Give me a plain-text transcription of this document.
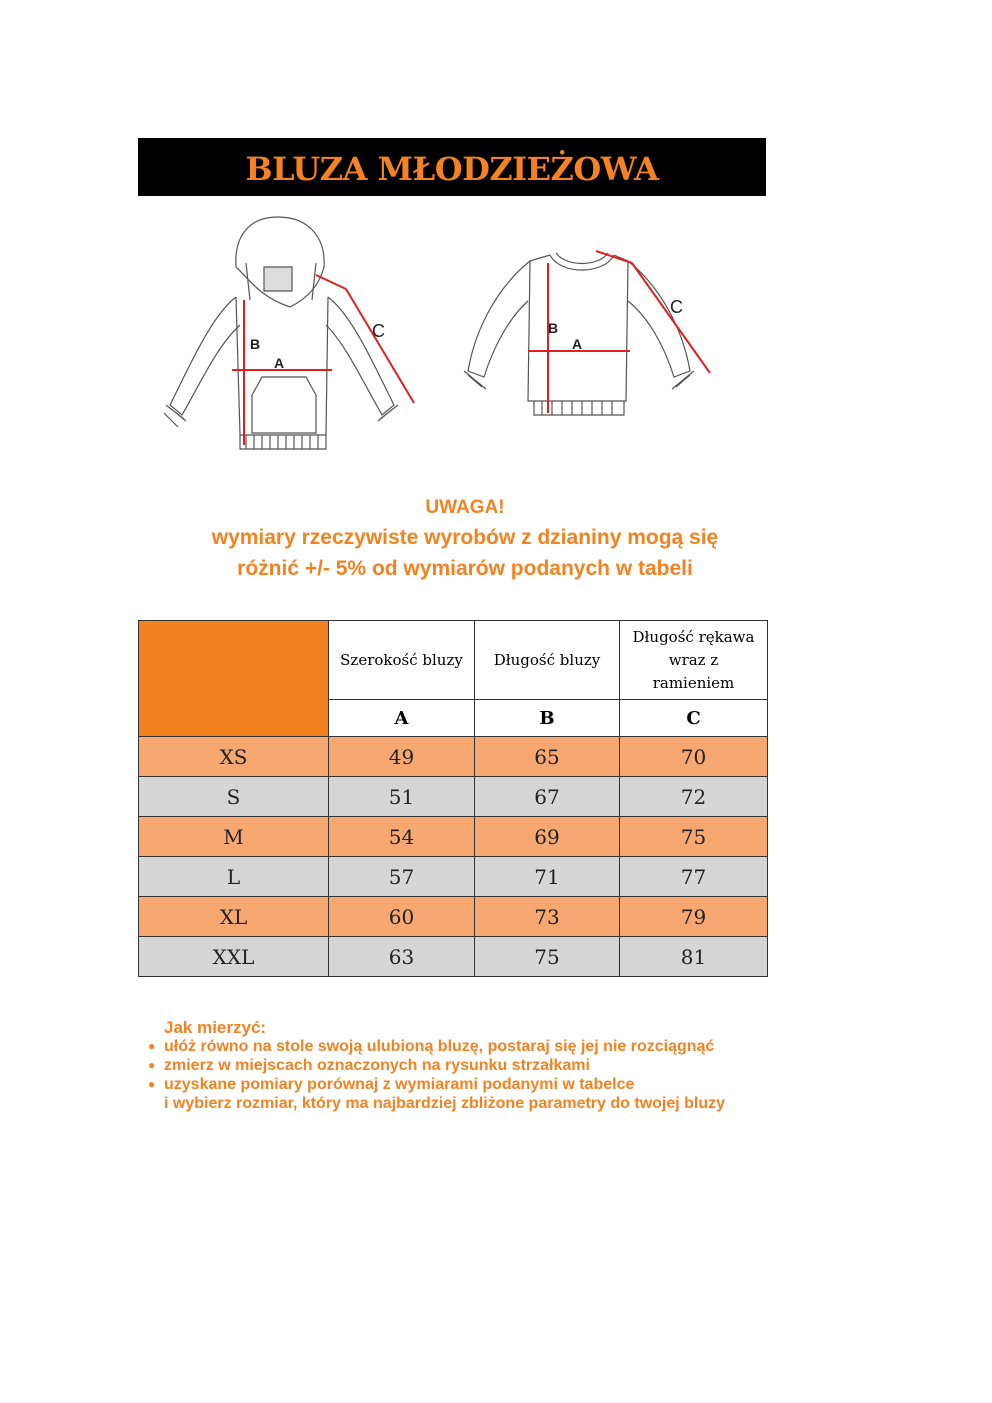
BLUZA MŁODZIEŻOWA
B
A
C	B
A
C
UWAGA!
wymiary rzeczywiste wyrobów z dzianiny mogą się
różnić +/- 5% od wymiarów podanych w tabeli
	Szerokość bluzy	Długość bluzy	Długość rękawa
wraz z
ramieniem

	A	B	C
XS	49	65	70
S	51	67	72
M	54	69	75
L	57	71	77
XL	60	73	79
XXL	63	75	81
Jak mierzyć:
● ułóż równo na stole swoją ulubioną bluzę, postaraj się jej nie rozciągnąć
● zmierz w miejscach oznaczonych na rysunku strzałkami
● uzyskane pomiary porównaj z wymiarami podanymi w tabelce
i wybierz rozmiar, który ma najbardziej zbliżone parametry do twojej bluzy
